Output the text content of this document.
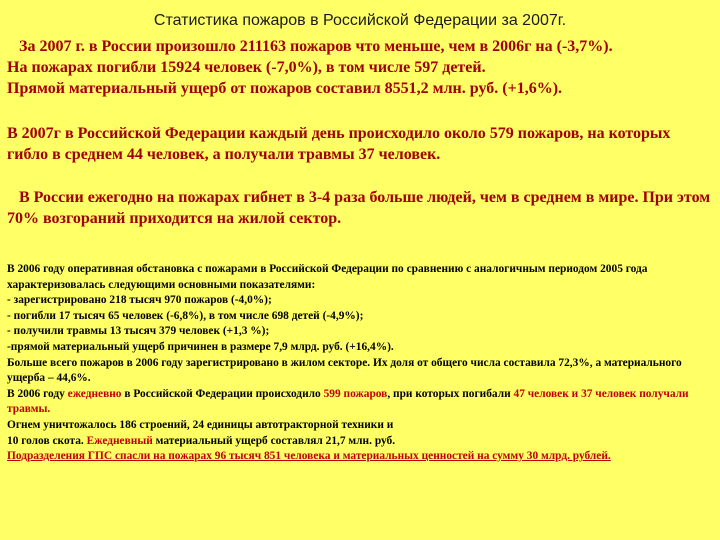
Статистика пожаров в Российской Федерации за 2007г.
За 2007 г. в России произошло 211163 пожаров что меньше, чем в 2006г на (-3,7%).
На пожарах погибли 15924 человек (-7,0%), в том числе 597 детей.
Прямой материальный ущерб от пожаров составил 8551,2 млн. руб. (+1,6%).
В 2007г в Российской Федерации каждый день происходило около 579 пожаров, на которых гибло в среднем 44 человек, а получали травмы 37 человек.
В России ежегодно на пожарах гибнет в 3-4 раза больше людей, чем в среднем в мире. При этом 70% возгораний приходится на жилой сектор.
В 2006 году оперативная обстановка с пожарами в Российской Федерации по сравнению с аналогичным периодом 2005 года характеризовалась следующими основными показателями:
- зарегистрировано 218 тысяч 970 пожаров (-4,0%);
- погибли 17 тысяч 65 человек (-6,8%), в том числе 698 детей (-4,9%);
- получили травмы 13 тысяч 379 человек (+1,3 %);
-прямой материальный ущерб причинен в размере 7,9 млрд. руб. (+16,4%).
Больше всего пожаров в 2006 году зарегистрировано в жилом секторе. Их доля от общего числа составила 72,3%, а материального ущерба – 44,6%.
В 2006 году ежедневно в Российской Федерации происходило 599 пожаров, при которых погибали 47 человек и 37 человек получали травмы.
Огнем уничтожалось 186 строений, 24 единицы автотракторной техники и
10 голов скота. Ежедневный материальный ущерб составлял 21,7 млн. руб.
Подразделения ГПС спасли на пожарах 96 тысяч 851 человека и материальных ценностей на сумму 30 млрд. рублей.
